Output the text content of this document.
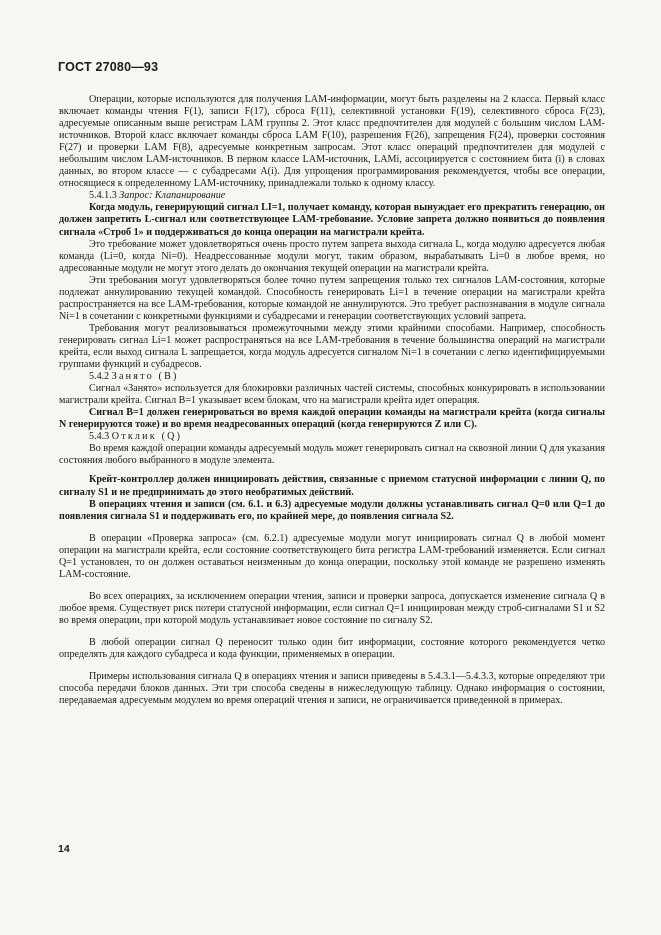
ГОСТ 27080—93

Операции, которые используются для получения LAM-информации, могут быть разделены на 2 класса. Первый класс включает команды чтения F(1), записи F(17), сброса F(11), селективной установки F(19), селективного сброса F(23), адресуемые описанным выше регистрам LAM группы 2. Этот класс предпочтителен для модулей с большим числом LAM-источников. Второй класс включает команды сброса LAM F(10), разрешения F(26), запрещения F(24), проверки состояния F(27) и проверки LAM F(8), адресуемые конкретным запросам. Этот класс операций предпочтителен для модулей с небольшим числом LAM-источников. В первом классе LAM-источник, LAMi, ассоциируется с состоянием бита (i) в словах данных, во втором классе — с субадресами A(i). Для упрощения программирования рекомендуется, чтобы все операции, относящиеся к определенному LAM-источнику, принадлежали только к одному классу.

5.4.1.3 Запрос: Клапанирование

Когда модуль, генерирующий сигнал LI=1, получает команду, которая вынуждает его прекратить генерацию, он должен запретить L-сигнал или соответствующее LAM-требование. Условие запрета должно появиться до появления сигнала «Строб 1» и поддерживаться до конца операции на магистрали крейта.

Это требование может удовлетворяться очень просто путем запрета выхода сигнала L, когда модулю адресуется любая команда (Li=0, когда Ni=0). Неадрессованные модули могут, таким образом, вырабатывать Li=0 в любое время, но адресованные модули не могут этого делать до окончания текущей операции на магистрали крейта.

Эти требования могут удовлетворяться более точно путем запрещения только тех сигналов LAM-состояния, которые подлежат аннулированию текущей командой. Способность генерировать Li=1 в течение операции на магистрали крейта распространяется на все LAM-требования, которые командой не аннулируются. Это требует распознавания в модуле сигнала Ni=1 в сочетании с конкретными функциями и субадресами и генерации соответствующих условий запрета.

Требования могут реализовываться промежуточными между этими крайними способами. Например, способность генерировать сигнал Li=1 может распространяться на все LAM-требования в течение большинства операций на магистрали крейта, если выход сигнала L запрещается, когда модуль адресуется сигналом Ni=1 в сочетании с легко идентифицируемыми группами функций и субадресов.

5.4.2 Занято (B)

Сигнал «Занято» используется для блокировки различных частей системы, способных конкурировать в использовании магистрали крейта. Сигнал B=1 указывает всем блокам, что на магистрали крейта идет операция.

Сигнал B=1 должен генерироваться во время каждой операции команды на магистрали крейта (когда сигналы N генерируются тоже) и во время неадресованных операций (когда генерируются Z или C).

5.4.3 Отклик (Q)

Во время каждой операции команды адресуемый модуль может генерировать сигнал на сквозной линии Q для указания состояния любого выбранного в модуле элемента.

Крейт-контроллер должен инициировать действия, связанные с приемом статусной информации с линии Q, по сигналу S1 и не предпринимать до этого необратимых действий.

В операциях чтения и записи (см. 6.1. и 6.3) адресуемые модули должны устанавливать сигнал Q=0 или Q=1 до появления сигнала S1 и поддерживать его, по крайней мере, до появления сигнала S2.

В операции «Проверка запроса» (см. 6.2.1) адресуемые модули могут инициировать сигнал Q в любой момент операции на магистрали крейта, если состояние соответствующего бита регистра LAM-требований изменяется. Если сигнал Q=1 установлен, то он должен оставаться неизменным до конца операции, поскольку этой команде не разрешено изменять LAM-состояние.

Во всех операциях, за исключением операции чтения, записи и проверки запроса, допускается изменение сигнала Q в любое время. Существует риск потери статусной информации, если сигнал Q=1 инициирован между строб-сигналами S1 и S2 во время операции, при которой модуль устанавливает новое состояние по сигналу S2.

В любой операции сигнал Q переносит только один бит информации, состояние которого рекомендуется четко определять для каждого субадреса и кода функции, применяемых в операции.

Примеры использования сигнала Q в операциях чтения и записи приведены в 5.4.3.1—5.4.3.3, которые определяют три способа передачи блоков данных. Эти три способа сведены в нижеследующую таблицу. Однако информация о состоянии, передаваемая адресуемым модулем во время операций чтения и записи, не ограничивается приведенной в примерах.

14
